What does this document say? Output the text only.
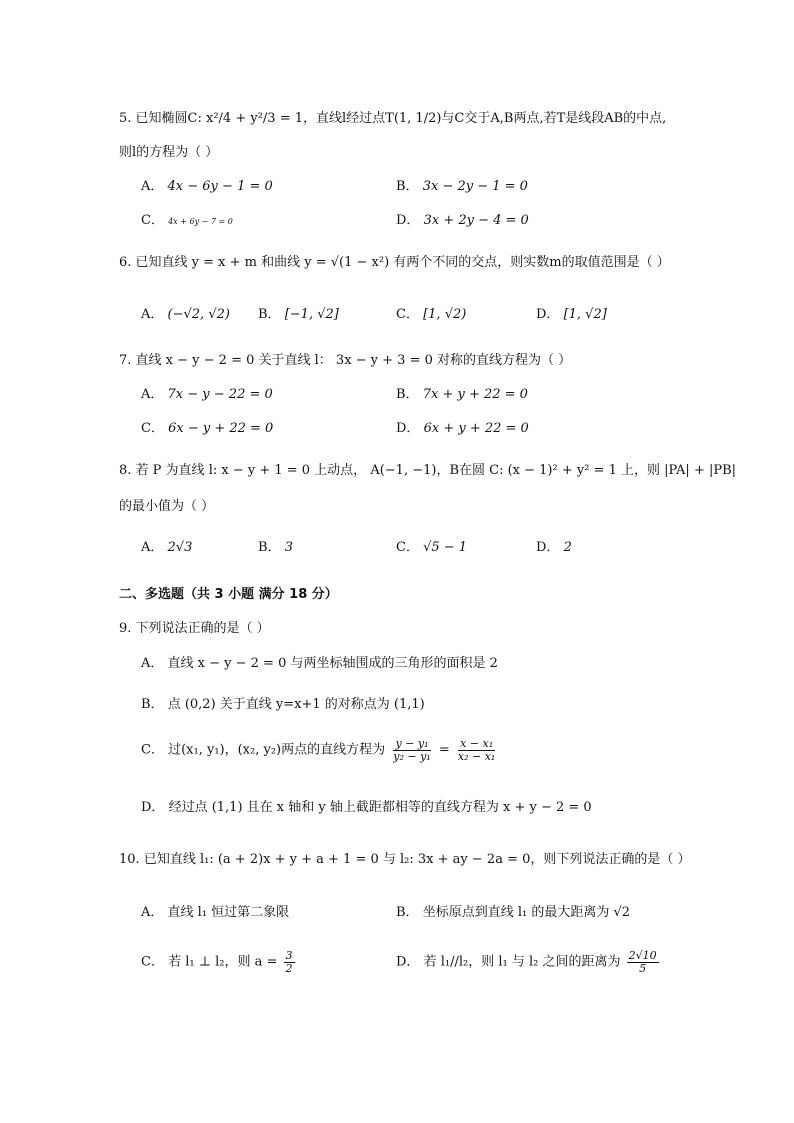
5. 已知椭圆C: x²/4 + y²/3 = 1，直线l经过点T(1, 1/2)与C交于A,B两点,若T是线段AB的中点,
则l的方程为（ ）
A． 4x − 6y − 1 = 0	B． 3x − 2y − 1 = 0
C． 4x + 6y − 7 = 0	D． 3x + 2y − 4 = 0
6. 已知直线 y = x + m 和曲线 y = √(1 − x²) 有两个不同的交点，则实数m的取值范围是（ ）
A． (−√2, √2) B． [−1, √2]	C． [1, √2)	D． [1, √2]
7. 直线 x − y − 2 = 0 关于直线 l： 3x − y + 3 = 0 对称的直线方程为（ ）
A． 7x − y − 22 = 0	B． 7x + y + 22 = 0
C． 6x − y + 22 = 0	D． 6x + y + 22 = 0
8. 若 P 为直线 l: x − y + 1 = 0 上动点， A(−1, −1)，B在圆 C: (x − 1)² + y² = 1 上，则 |PA| + |PB|
的最小值为（ ）
A． 2√3	B． 3	C． √5 − 1	D． 2
二、多选题（共 3 小题 满分 18 分）
9. 下列说法正确的是（ ）
A． 直线 x − y − 2 = 0 与两坐标轴围成的三角形的面积是 2
B． 点 (0,2) 关于直线 y=x+1 的对称点为 (1,1)
C． 过(x₁, y₁)，(x₂, y₂)两点的直线方程为 $\frac{\text{y − y₁}}{\text{y₂ − y₁}} = \frac{\text{x − x₁}}{\text{x₂ − x₁}}$
D． 经过点 (1,1) 且在 x 轴和 y 轴上截距都相等的直线方程为 x + y − 2 = 0
10. 已知直线 l₁: (a + 2)x + y + a + 1 = 0 与 l₂: 3x + ay − 2a = 0，则下列说法正确的是（ ）
A． 直线 l₁ 恒过第二象限	B． 坐标原点到直线 l₁ 的最大距离为 √2
C． 若 l₁ ⊥ l₂，则 $a = \frac{3}{2}$	D． 若 l₁//l₂，则 l₁ 与 l₂ 之间的距离为 $\frac{2√10}{5}$
